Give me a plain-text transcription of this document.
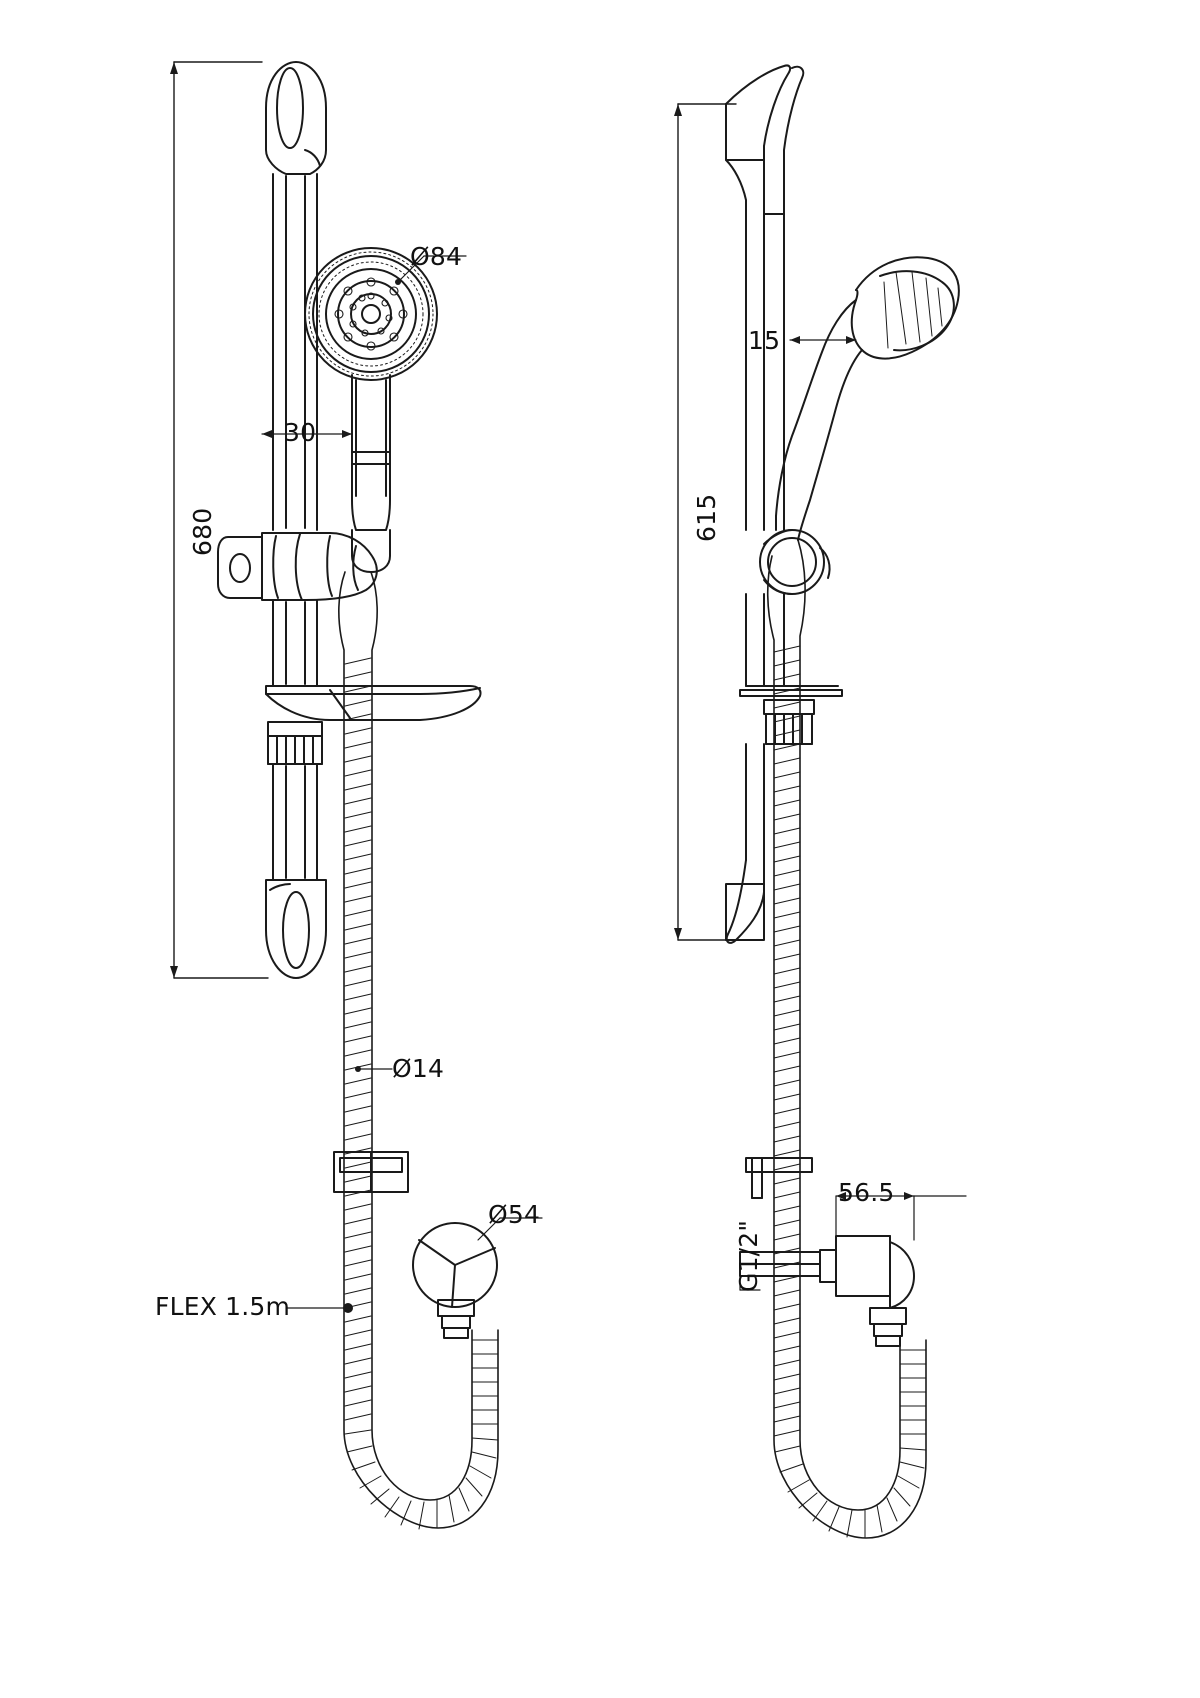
680
Ø84
30
Ø14
Ø54
FLEX 1.5m
615
15
56.5
G1/2"
